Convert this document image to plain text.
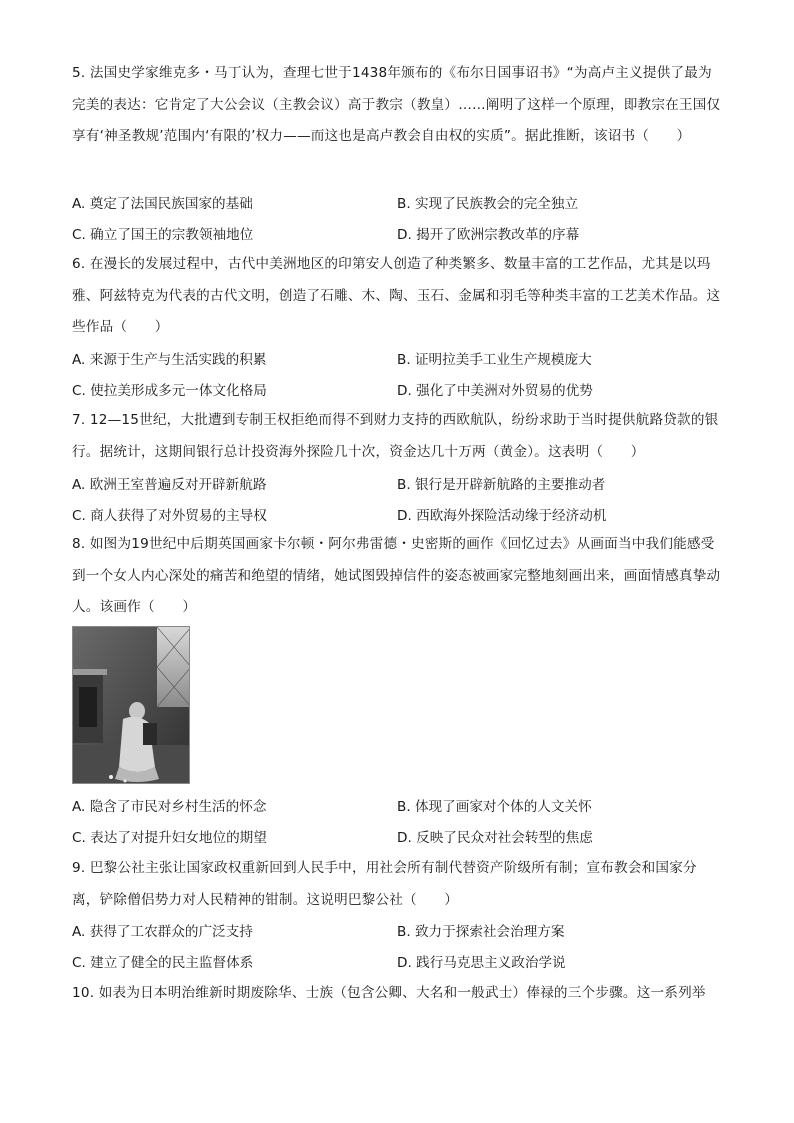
5. 法国史学家维克多・马丁认为，查理七世于1438年颁布的《布尔日国事诏书》“为高卢主义提供了最为完美的表达：它肯定了大公会议（主教会议）高于教宗（教皇）……阐明了这样一个原理，即教宗在王国仅享有‘神圣教规’范围内‘有限的’权力——而这也是高卢教会自由权的实质”。据此推断，该诏书（　　）
A. 奠定了法国民族国家的基础	B. 实现了民族教会的完全独立
C. 确立了国王的宗教领袖地位	D. 揭开了欧洲宗教改革的序幕
6. 在漫长的发展过程中，古代中美洲地区的印第安人创造了种类繁多、数量丰富的工艺作品，尤其是以玛雅、阿兹特克为代表的古代文明，创造了石雕、木、陶、玉石、金属和羽毛等种类丰富的工艺美术作品。这些作品（　　）
A. 来源于生产与生活实践的积累	B. 证明拉美手工业生产规模庞大
C. 使拉美形成多元一体文化格局	D. 强化了中美洲对外贸易的优势
7. 12—15世纪，大批遭到专制王权拒绝而得不到财力支持的西欧航队，纷纷求助于当时提供航路贷款的银行。据统计，这期间银行总计投资海外探险几十次，资金达几十万两（黄金）。这表明（　　）
A. 欧洲王室普遍反对开辟新航路	B. 银行是开辟新航路的主要推动者
C. 商人获得了对外贸易的主导权	D. 西欧海外探险活动缘于经济动机
8. 如图为19世纪中后期英国画家卡尔顿・阿尔弗雷德・史密斯的画作《回忆过去》从画面当中我们能感受到一个女人内心深处的痛苦和绝望的情绪，她试图毁掉信件的姿态被画家完整地刻画出来，画面情感真挚动人。该画作（　　）
A. 隐含了市民对乡村生活的怀念	B. 体现了画家对个体的人文关怀
C. 表达了对提升妇女地位的期望	D. 反映了民众对社会转型的焦虑
9. 巴黎公社主张让国家政权重新回到人民手中，用社会所有制代替资产阶级所有制；宣布教会和国家分离，铲除僧侣势力对人民精神的钳制。这说明巴黎公社（　　）
A. 获得了工农群众的广泛支持	B. 致力于探索社会治理方案
C. 建立了健全的民主监督体系	D. 践行马克思主义政治学说
10. 如表为日本明治维新时期废除华、士族（包含公卿、大名和一般武士）俸禄的三个步骤。这一系列举
